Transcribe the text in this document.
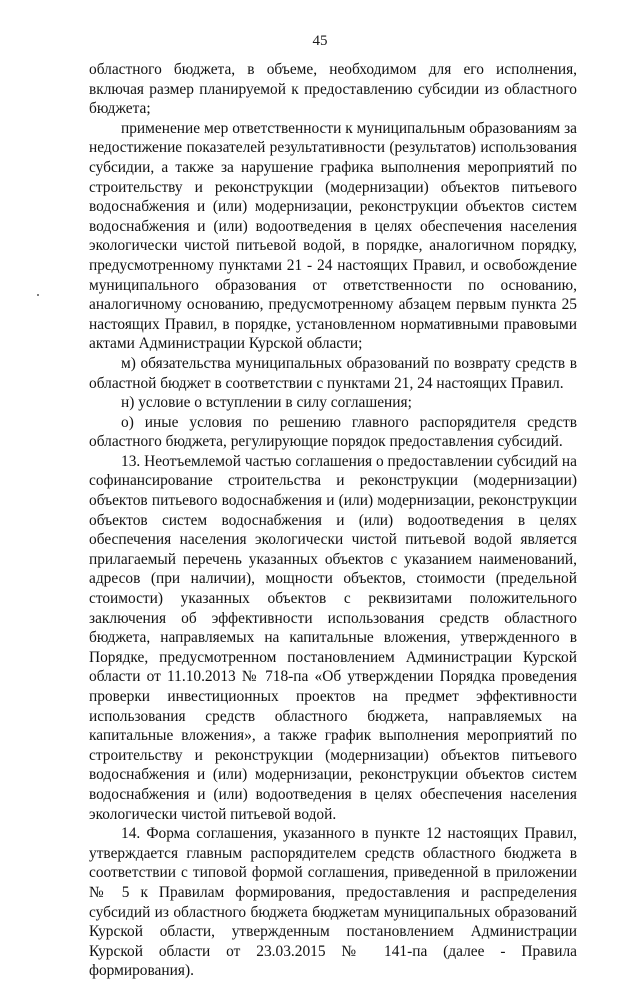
45

областного бюджета, в объеме, необходимом для его исполнения, включая размер планируемой к предоставлению субсидии из областного бюджета;

применение мер ответственности к муниципальным образованиям за недостижение показателей результативности (результатов) использования субсидии, а также за нарушение графика выполнения мероприятий по строительству и реконструкции (модернизации) объектов питьевого водоснабжения и (или) модернизации, реконструкции объектов систем водоснабжения и (или) водоотведения в целях обеспечения населения экологически чистой питьевой водой, в порядке, аналогичном порядку, предусмотренному пунктами 21 - 24 настоящих Правил, и освобождение муниципального образования от ответственности по основанию, аналогичному основанию, предусмотренному абзацем первым пункта 25 настоящих Правил, в порядке, установленном нормативными правовыми актами Администрации Курской области;

м) обязательства муниципальных образований по возврату средств в областной бюджет в соответствии с пунктами 21, 24 настоящих Правил.

н) условие о вступлении в силу соглашения;

о) иные условия по решению главного распорядителя средств областного бюджета, регулирующие порядок предоставления субсидий.

13. Неотъемлемой частью соглашения о предоставлении субсидий на софинансирование строительства и реконструкции (модернизации) объектов питьевого водоснабжения и (или) модернизации, реконструкции объектов систем водоснабжения и (или) водоотведения в целях обеспечения населения экологически чистой питьевой водой является прилагаемый перечень указанных объектов с указанием наименований, адресов (при наличии), мощности объектов, стоимости (предельной стоимости) указанных объектов с реквизитами положительного заключения об эффективности использования средств областного бюджета, направляемых на капитальные вложения, утвержденного в Порядке, предусмотренном постановлением Администрации Курской области от 11.10.2013 № 718-па «Об утверждении Порядка проведения проверки инвестиционных проектов на предмет эффективности использования средств областного бюджета, направляемых на капитальные вложения», а также график выполнения мероприятий по строительству и реконструкции (модернизации) объектов питьевого водоснабжения и (или) модернизации, реконструкции объектов систем водоснабжения и (или) водоотведения в целях обеспечения населения экологически чистой питьевой водой.

14. Форма соглашения, указанного в пункте 12 настоящих Правил, утверждается главным распорядителем средств областного бюджета в соответствии с типовой формой соглашения, приведенной в приложении № 5 к Правилам формирования, предоставления и распределения субсидий из областного бюджета бюджетам муниципальных образований Курской области, утвержденным постановлением Администрации Курской области от 23.03.2015 № 141-па (далее - Правила формирования).
